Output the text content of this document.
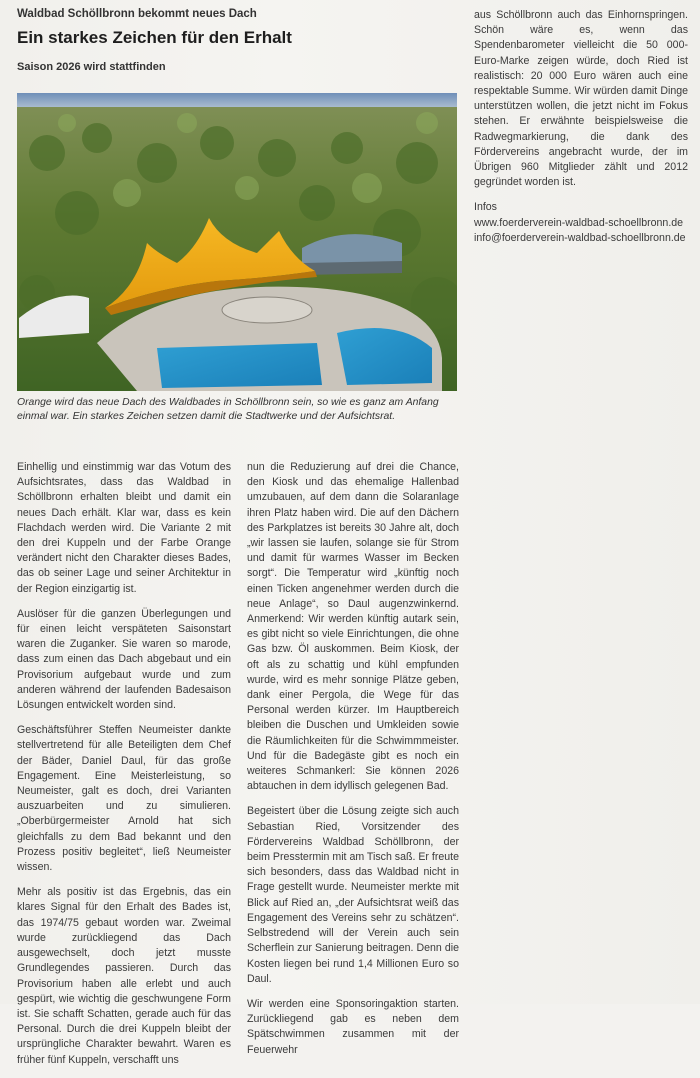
Waldbad Schöllbronn bekommt neues Dach
Ein starkes Zeichen für den Erhalt
Saison 2026 wird stattfinden
Orange wird das neue Dach des Waldbades in Schöllbronn sein, so wie es ganz am Anfang einmal war. Ein starkes Zeichen setzen damit die Stadtwerke und der Aufsichtsrat.

Einhellig und einstimmig war das Votum des Aufsichtsrates, dass das Waldbad in Schöllbronn erhalten bleibt und damit ein neues Dach erhält. Klar war, dass es kein Flachdach werden wird. Die Variante 2 mit den drei Kuppeln und der Farbe Orange verändert nicht den Charakter dieses Bades, das ob seiner Lage und seiner Architektur in der Region einzigartig ist.

Auslöser für die ganzen Überlegungen und für einen leicht verspäteten Saisonstart waren die Zuganker. Sie waren so marode, dass zum einen das Dach abgebaut und ein Provisorium aufgebaut wurde und zum anderen während der laufenden Badesaison Lösungen entwickelt worden sind.

Geschäftsführer Steffen Neumeister dankte stellvertretend für alle Beteiligten dem Chef der Bäder, Daniel Daul, für das große Engagement. Eine Meisterleistung, so Neumeister, galt es doch, drei Varianten auszuarbeiten und zu simulieren. „Oberbürgermeister Arnold hat sich gleichfalls zu dem Bad bekannt und den Prozess positiv begleitet“, ließ Neumeister wissen.

Mehr als positiv ist das Ergebnis, das ein klares Signal für den Erhalt des Bades ist, das 1974/75 gebaut worden war. Zweimal wurde zurückliegend das Dach ausgewechselt, doch jetzt musste Grundlegendes passieren. Durch das Provisorium haben alle erlebt und auch gespürt, wie wichtig die geschwungene Form ist. Sie schafft Schatten, gerade auch für das Personal. Durch die drei Kuppeln bleibt der ursprüngliche Charakter bewahrt. Waren es früher fünf Kuppeln, verschafft uns

nun die Reduzierung auf drei die Chance, den Kiosk und das ehemalige Hallenbad umzubauen, auf dem dann die Solaranlage ihren Platz haben wird. Die auf den Dächern des Parkplatzes ist bereits 30 Jahre alt, doch „wir lassen sie laufen, solange sie für Strom und damit für warmes Wasser im Becken sorgt“. Die Temperatur wird „künftig noch einen Ticken angenehmer werden durch die neue Anlage“, so Daul augenzwinkernd. Anmerkend: Wir werden künftig autark sein, es gibt nicht so viele Einrichtungen, die ohne Gas bzw. Öl auskommen. Beim Kiosk, der oft als zu schattig und kühl empfunden wurde, wird es mehr sonnige Plätze geben, dank einer Pergola, die Wege für das Personal werden kürzer. Im Hauptbereich bleiben die Duschen und Umkleiden sowie die Räumlichkeiten für die Schwimmmeister. Und für die Badegäste gibt es noch ein weiteres Schmankerl: Sie können 2026 abtauchen in dem idyllisch gelegenen Bad.

Begeistert über die Lösung zeigte sich auch Sebastian Ried, Vorsitzender des Fördervereins Waldbad Schöllbronn, der beim Presstermin mit am Tisch saß. Er freute sich besonders, dass das Waldbad nicht in Frage gestellt wurde. Neumeister merkte mit Blick auf Ried an, „der Aufsichtsrat weiß das Engagement des Vereins sehr zu schätzen“. Selbstredend will der Verein auch sein Scherflein zur Sanierung beitragen. Denn die Kosten liegen bei rund 1,4 Millionen Euro so Daul.

Wir werden eine Sponsoringaktion starten. Zurückliegend gab es neben dem Spätschwimmen zusammen mit der Feuerwehr

aus Schöllbronn auch das Einhornspringen. Schön wäre es, wenn das Spendenbarometer vielleicht die 50 000-Euro-Marke zeigen würde, doch Ried ist realistisch: 20 000 Euro wären auch eine respektable Summe. Wir würden damit Dinge unterstützen wollen, die jetzt nicht im Fokus stehen. Er erwähnte beispielsweise die Radwegmarkierung, die dank des Fördervereins angebracht wurde, der im Übrigen 960 Mitglieder zählt und 2012 gegründet worden ist.

Infos
www.foerderverein-waldbad-schoellbronn.de
info@foerderverein-waldbad-schoellbronn.de
